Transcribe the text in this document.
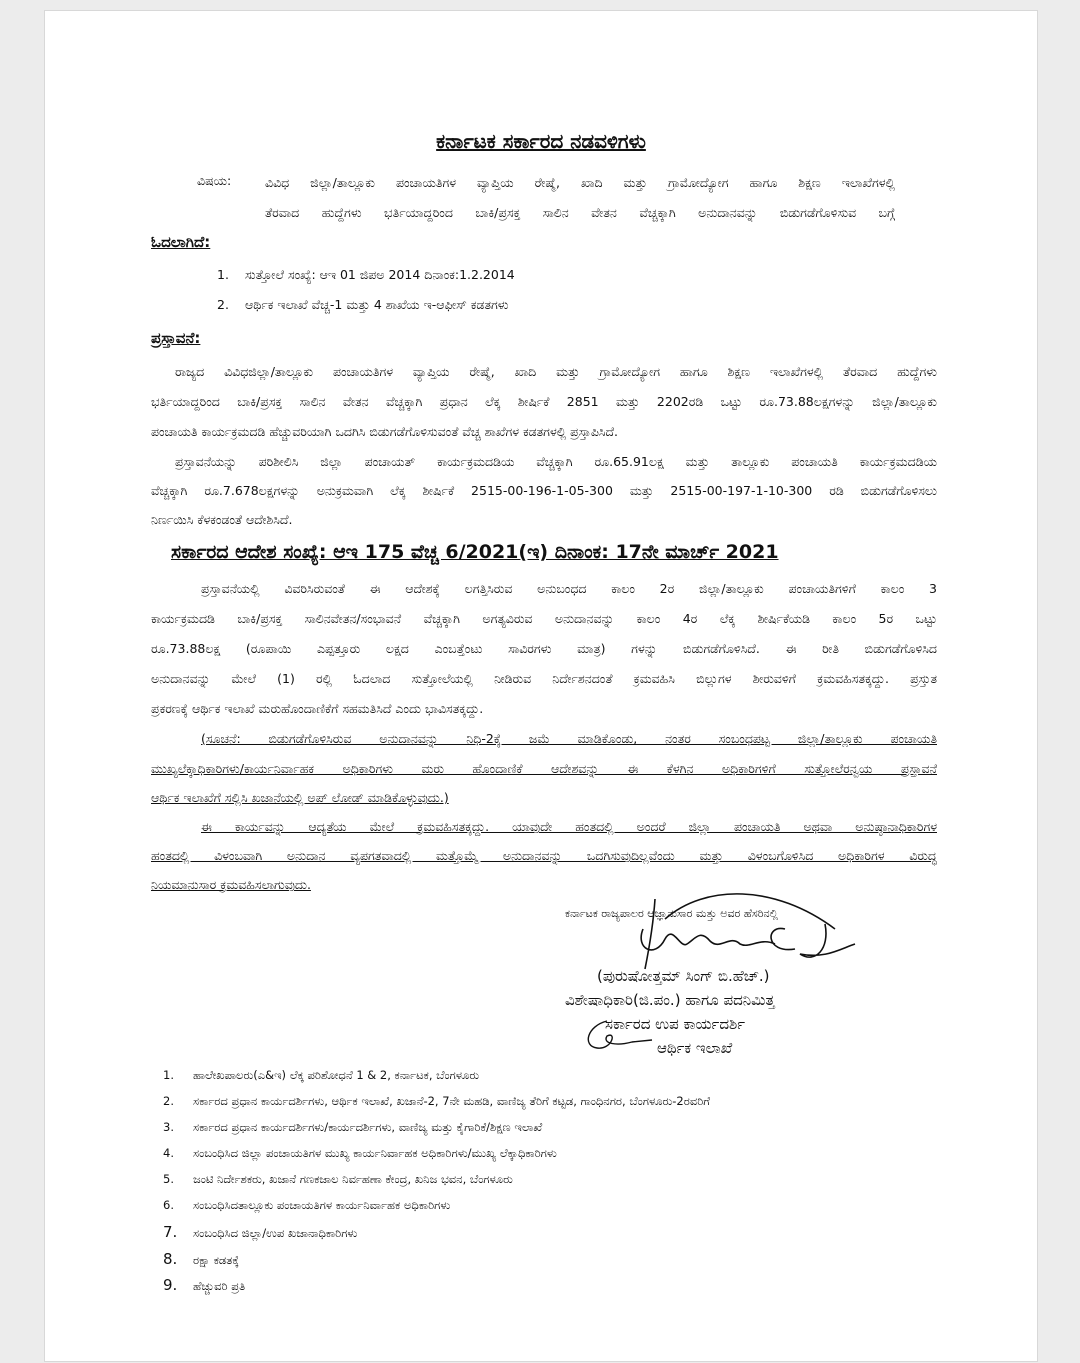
ಕರ್ನಾಟಕ ಸರ್ಕಾರದ ನಡವಳಿಗಳು
ವಿಷಯ:	ವಿವಿಧ ಜಿಲ್ಲಾ/ತಾಲ್ಲೂಕು ಪಂಚಾಯತಿಗಳ ವ್ಯಾಪ್ತಿಯ ರೇಷ್ಮೆ, ಖಾದಿ ಮತ್ತು ಗ್ರಾಮೋದ್ಯೋಗ ಹಾಗೂ ಶಿಕ್ಷಣ ಇಲಾಖೆಗಳಲ್ಲಿ
ತೆರವಾದ ಹುದ್ದೆಗಳು ಭರ್ತಿಯಾದ್ದರಿಂದ ಬಾಕಿ/ಪ್ರಸಕ್ತ ಸಾಲಿನ ವೇತನ ವೆಚ್ಚಕ್ಕಾಗಿ ಅನುದಾನವನ್ನು ಬಿಡುಗಡೆಗೊಳಿಸುವ ಬಗ್ಗೆ
ಓದಲಾಗಿದೆ:
1. ಸುತ್ತೋಲೆ ಸಂಖ್ಯೆ: ಆಇ 01 ಜಿಪಅ 2014 ದಿನಾಂಕ:1.2.2014
2. ಆರ್ಥಿಕ ಇಲಾಖೆ ವೆಚ್ಚ-1 ಮತ್ತು 4 ಶಾಖೆಯ ಇ-ಆಫೀಸ್ ಕಡತಗಳು
ಪ್ರಸ್ತಾವನೆ:
ರಾಜ್ಯದ ವಿವಿಧಜಿಲ್ಲಾ/ತಾಲ್ಲೂಕು ಪಂಚಾಯತಿಗಳ ವ್ಯಾಪ್ತಿಯ ರೇಷ್ಮೆ, ಖಾದಿ ಮತ್ತು ಗ್ರಾಮೋದ್ಯೋಗ ಹಾಗೂ ಶಿಕ್ಷಣ ಇಲಾಖೆಗಳಲ್ಲಿ ತೆರವಾದ ಹುದ್ದೆಗಳು
ಭರ್ತಿಯಾದ್ದರಿಂದ ಬಾಕಿ/ಪ್ರಸಕ್ತ ಸಾಲಿನ ವೇತನ ವೆಚ್ಚಕ್ಕಾಗಿ ಪ್ರಧಾನ ಲೆಕ್ಕ ಶೀರ್ಷಿಕೆ 2851 ಮತ್ತು 2202ರಡಿ ಒಟ್ಟು ರೂ.73.88ಲಕ್ಷಗಳನ್ನು ಜಿಲ್ಲಾ/ತಾಲ್ಲೂಕು
ಪಂಚಾಯತಿ ಕಾರ್ಯಕ್ರಮದಡಿ ಹೆಚ್ಚುವರಿಯಾಗಿ ಒದಗಿಸಿ ಬಿಡುಗಡೆಗೊಳಿಸುವಂತೆ ವೆಚ್ಚ ಶಾಖೆಗಳ ಕಡತಗಳಲ್ಲಿ ಪ್ರಸ್ತಾಪಿಸಿದೆ.
ಪ್ರಸ್ತಾವನೆಯನ್ನು ಪರಿಶೀಲಿಸಿ ಜಿಲ್ಲಾ ಪಂಚಾಯತ್ ಕಾರ್ಯಕ್ರಮದಡಿಯ ವೆಚ್ಚಕ್ಕಾಗಿ ರೂ.65.91ಲಕ್ಷ ಮತ್ತು ತಾಲ್ಲೂಕು ಪಂಚಾಯತಿ ಕಾರ್ಯಕ್ರಮದಡಿಯ
ವೆಚ್ಚಕ್ಕಾಗಿ ರೂ.7.678ಲಕ್ಷಗಳನ್ನು ಅನುಕ್ರಮವಾಗಿ ಲೆಕ್ಕ ಶೀರ್ಷಿಕೆ 2515-00-196-1-05-300 ಮತ್ತು 2515-00-197-1-10-300 ರಡಿ ಬಿಡುಗಡೆಗೊಳಿಸಲು
ನಿರ್ಣಯಿಸಿ ಕೆಳಕಂಡಂತೆ ಆದೇಶಿಸಿದೆ.
ಸರ್ಕಾರದ ಆದೇಶ ಸಂಖ್ಯೆ: ಆಇ 175 ವೆಚ್ಚ 6/2021(ಇ) ದಿನಾಂಕ: 17ನೇ ಮಾರ್ಚ್ 2021
ಪ್ರಸ್ತಾವನೆಯಲ್ಲಿ ವಿವರಿಸಿರುವಂತೆ ಈ ಆದೇಶಕ್ಕೆ ಲಗತ್ತಿಸಿರುವ ಅನುಬಂಧದ ಕಾಲಂ 2ರ ಜಿಲ್ಲಾ/ತಾಲ್ಲೂಕು ಪಂಚಾಯತಿಗಳಿಗೆ ಕಾಲಂ 3
ಕಾರ್ಯಕ್ರಮದಡಿ ಬಾಕಿ/ಪ್ರಸಕ್ತ ಸಾಲಿನವೇತನ/ಸಂಭಾವನೆ ವೆಚ್ಚಕ್ಕಾಗಿ ಅಗತ್ಯವಿರುವ ಅನುದಾನವನ್ನು ಕಾಲಂ 4ರ ಲೆಕ್ಕ ಶೀರ್ಷಿಕೆಯಡಿ ಕಾಲಂ 5ರ ಒಟ್ಟು
ರೂ.73.88ಲಕ್ಷ (ರೂಪಾಯಿ ಎಪ್ಪತ್ತೂರು ಲಕ್ಷದ ಎಂಬತ್ತೆಂಟು ಸಾವಿರಗಳು ಮಾತ್ರ) ಗಳನ್ನು ಬಿಡುಗಡೆಗೊಳಿಸಿದೆ. ಈ ರೀತಿ ಬಿಡುಗಡೆಗೊಳಿಸಿದ
ಅನುದಾನವನ್ನು ಮೇಲೆ (1) ರಲ್ಲಿ ಓದಲಾದ ಸುತ್ತೋಲೆಯಲ್ಲಿ ನೀಡಿರುವ ನಿರ್ದೇಶನದಂತೆ ಕ್ರಮವಹಿಸಿ ಬಿಲ್ಲುಗಳ ಶೀರುವಳಿಗೆ ಕ್ರಮವಹಿಸತಕ್ಕದ್ದು. ಪ್ರಸ್ತುತ
ಪ್ರಕರಣಕ್ಕೆ ಆರ್ಥಿಕ ಇಲಾಖೆ ಮರುಹೊಂದಾಣಿಕೆಗೆ ಸಹಮತಿಸಿದೆ ಎಂದು ಭಾವಿಸತಕ್ಕದ್ದು.
(ಸೂಚನೆ: ಬಿಡುಗಡೆಗೊಳಿಸಿರುವ ಅನುದಾನವನ್ನು ನಿಧಿ-2ಕ್ಕೆ ಜಮೆ ಮಾಡಿಕೊಂಡು, ನಂತರ ಸಂಬಂಧಪಟ್ಟ ಜಿಲ್ಲಾ/ತಾಲ್ಲೂಕು ಪಂಚಾಯತಿ
ಮುಖ್ಯಲೆಕ್ಕಾಧಿಕಾರಿಗಳು/ಕಾರ್ಯನಿರ್ವಾಹಕ ಅಧಿಕಾರಿಗಳು ಮರು ಹೊಂದಾಣಿಕೆ ಆದೇಶವನ್ನು ಈ ಕೆಳಗಿನ ಅಧಿಕಾರಿಗಳಿಗೆ ಸುತ್ತೋಲೆರನ್ವಯ ಪ್ರಸ್ತಾವನೆ
ಆರ್ಥಿಕ ಇಲಾಖೆಗೆ ಸಲ್ಲಿಸಿ ಖಜಾನೆಯಲ್ಲಿ ಅಪ್ ಲೋಡ್ ಮಾಡಿಕೊಳ್ಳುವುದು.)
ಈ ಕಾರ್ಯವನ್ನು ಆದ್ಯತೆಯ ಮೇಲೆ ಕ್ರಮವಹಿಸತಕ್ಕದ್ದು. ಯಾವುದೇ ಹಂತದಲ್ಲಿ ಅಂದರೆ ಜಿಲ್ಲಾ ಪಂಚಾಯತಿ ಅಥವಾ ಅನುಷ್ಠಾನಾಧಿಕಾರಿಗಳ
ಹಂತದಲ್ಲಿ ವಿಳಂಬವಾಗಿ ಅನುದಾನ ವ್ಯಪಗತವಾದಲ್ಲಿ ಮತ್ತೊಮ್ಮೆ ಅನುದಾನವನ್ನು ಒದಗಿಸುವುದಿಲ್ಲವೆಂದು ಮತ್ತು ವಿಳಂಬಗೊಳಿಸಿದ ಅಧಿಕಾರಿಗಳ ವಿರುದ್ಧ
ನಿಯಮಾನುಸಾರ ಕ್ರಮವಹಿಸಲಾಗುವುದು.
ಕರ್ನಾಟಕ ರಾಜ್ಯಪಾಲರ ಆಜ್ಞಾನುಸಾರ ಮತ್ತು ಅವರ ಹೆಸರಿನಲ್ಲಿ
(ಪುರುಷೋತ್ತಮ್ ಸಿಂಗ್ ಬಿ.ಹೆಚ್.)
ವಿಶೇಷಾಧಿಕಾರಿ(ಜಿ.ಪಂ.) ಹಾಗೂ ಪದನಿಮಿತ್ತ
ಸರ್ಕಾರದ ಉಪ ಕಾರ್ಯದರ್ಶಿ
ಆರ್ಥಿಕ ಇಲಾಖೆ
1. ಹಾಲೇಖಪಾಲರು(ಎ&ಇ) ಲೆಕ್ಕ ಪರಿಶೋಧನೆ 1 & 2, ಕರ್ನಾಟಕ, ಬೆಂಗಳೂರು
2. ಸರ್ಕಾರದ ಪ್ರಧಾನ ಕಾರ್ಯದರ್ಶಿಗಳು, ಆರ್ಥಿಕ ಇಲಾಖೆ, ಖಜಾನೆ-2, 7ನೇ ಮಹಡಿ, ವಾಣಿಜ್ಯ ತೆರಿಗೆ ಕಟ್ಟಡ, ಗಾಂಧಿನಗರ, ಬೆಂಗಳೂರು-2ರವರಿಗೆ
3. ಸರ್ಕಾರದ ಪ್ರಧಾನ ಕಾರ್ಯದರ್ಶಿಗಳು/ಕಾರ್ಯದರ್ಶಿಗಳು, ವಾಣಿಜ್ಯ ಮತ್ತು ಕೈಗಾರಿಕೆ/ಶಿಕ್ಷಣ ಇಲಾಖೆ
4. ಸಂಬಂಧಿಸಿದ ಜಿಲ್ಲಾ ಪಂಚಾಯತಿಗಳ ಮುಖ್ಯ ಕಾರ್ಯನಿರ್ವಾಹಕ ಅಧಿಕಾರಿಗಳು/ಮುಖ್ಯ ಲೆಕ್ಕಾಧಿಕಾರಿಗಳು
5. ಜಂಟಿ ನಿರ್ದೇಶಕರು, ಖಜಾನೆ ಗಣಕಜಾಲ ನಿರ್ವಹಣಾ ಕೇಂದ್ರ, ಖನಿಜ ಭವನ, ಬೆಂಗಳೂರು
6. ಸಂಬಂಧಿಸಿದತಾಲ್ಲೂಕು ಪಂಚಾಯತಿಗಳ ಕಾರ್ಯನಿರ್ವಾಹಕ ಅಧಿಕಾರಿಗಳು
7. ಸಂಬಂಧಿಸಿದ ಜಿಲ್ಲಾ/ಉಪ ಖಜಾನಾಧಿಕಾರಿಗಳು
8. ರಕ್ಷಾ ಕಡತಕ್ಕೆ
9. ಹೆಚ್ಚುವರಿ ಪ್ರತಿ
